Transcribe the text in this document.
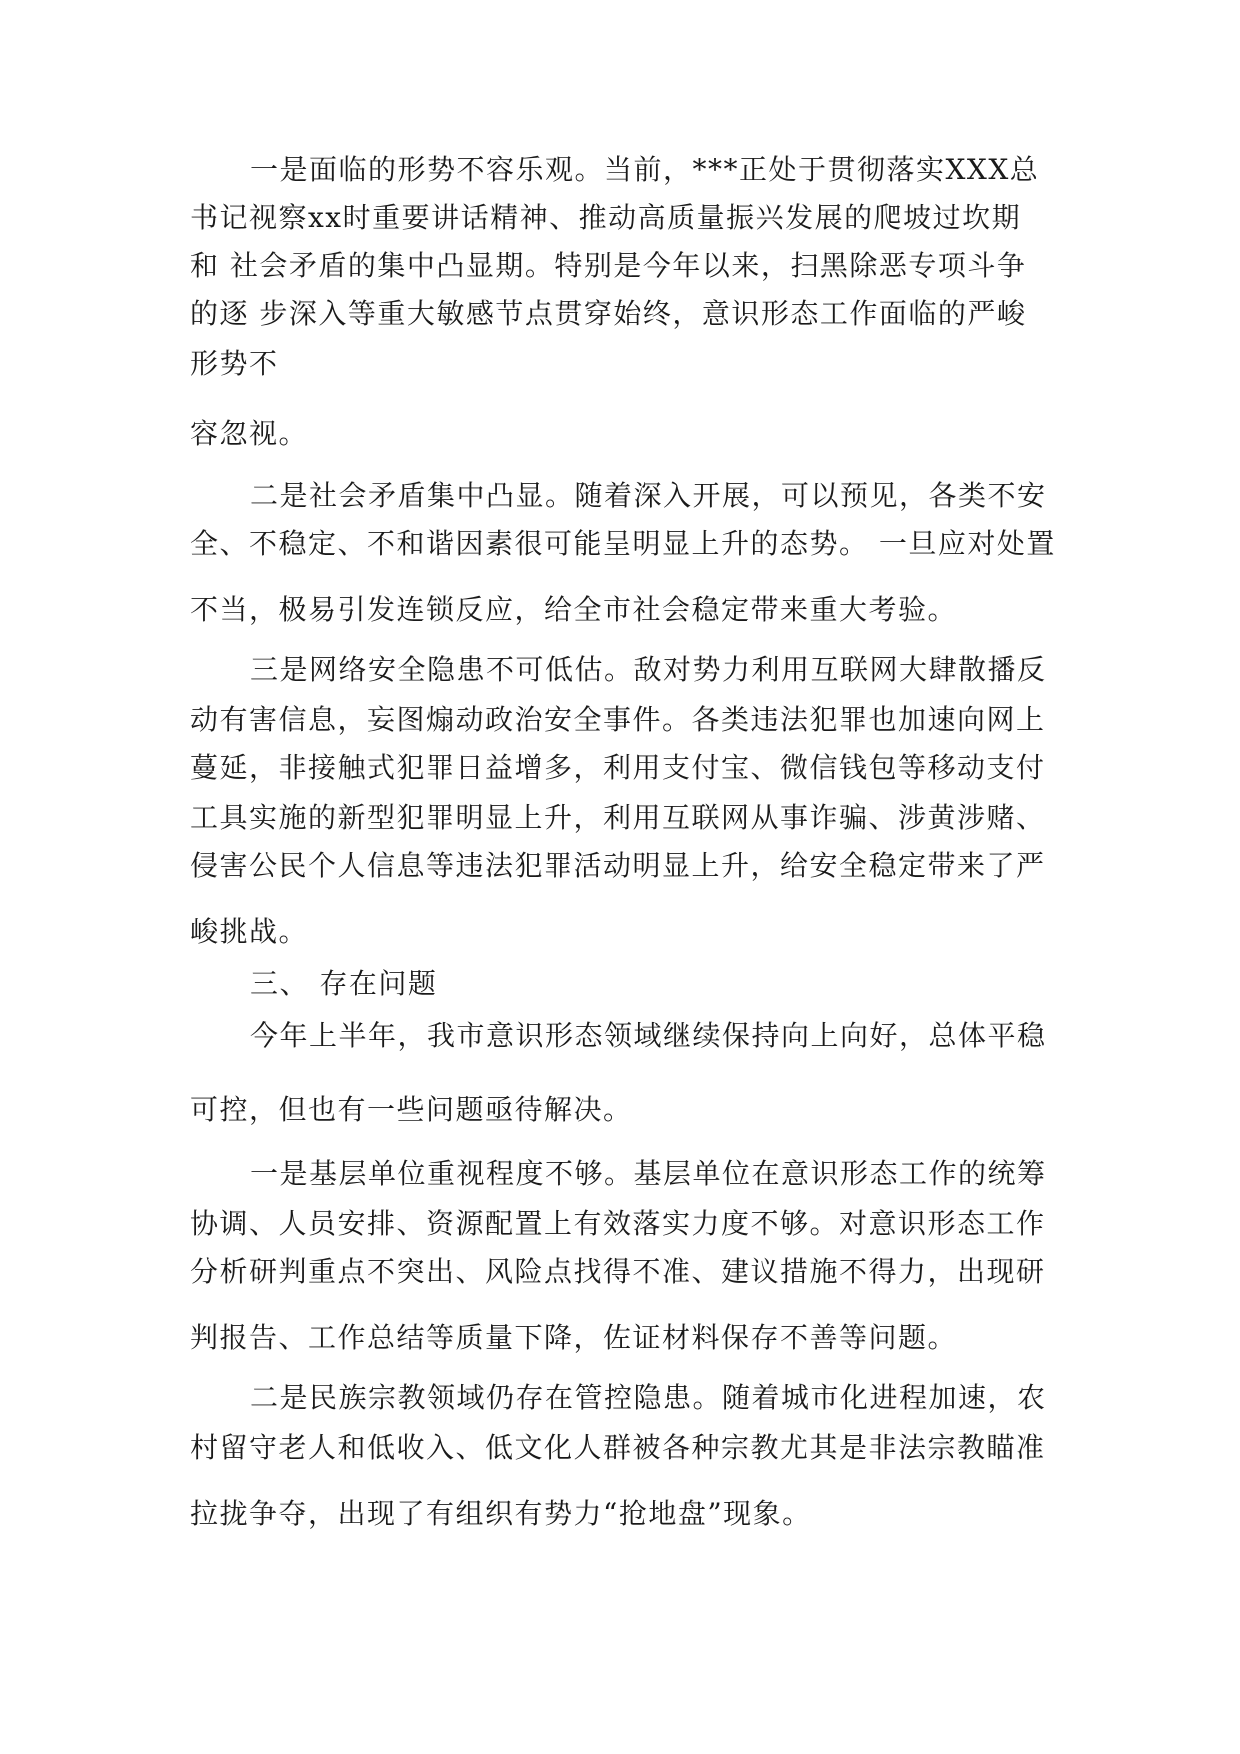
一是面临的形势不容乐观。当前，***正处于贯彻落实XXX总
书记视察xx时重要讲话精神、推动高质量振兴发展的爬坡过坎期
和 社会矛盾的集中凸显期。特别是今年以来，扫黑除恶专项斗争
的逐 步深入等重大敏感节点贯穿始终，意识形态工作面临的严峻
形势不
容忽视。
二是社会矛盾集中凸显。随着深入开展，可以预见，各类不安
全、不稳定、不和谐因素很可能呈明显上升的态势。 一旦应对处置
不当，极易引发连锁反应，给全市社会稳定带来重大考验。
三是网络安全隐患不可低估。敌对势力利用互联网大肆散播反
动有害信息，妄图煽动政治安全事件。各类违法犯罪也加速向网上
蔓延，非接触式犯罪日益增多，利用支付宝、微信钱包等移动支付
工具实施的新型犯罪明显上升，利用互联网从事诈骗、涉黄涉赌、
侵害公民个人信息等违法犯罪活动明显上升，给安全稳定带来了严
峻挑战。
三、 存在问题
今年上半年，我市意识形态领域继续保持向上向好，总体平稳
可控，但也有一些问题亟待解决。
一是基层单位重视程度不够。基层单位在意识形态工作的统筹
协调、人员安排、资源配置上有效落实力度不够。对意识形态工作
分析研判重点不突出、风险点找得不准、建议措施不得力，出现研
判报告、工作总结等质量下降，佐证材料保存不善等问题。
二是民族宗教领域仍存在管控隐患。随着城市化进程加速，农
村留守老人和低收入、低文化人群被各种宗教尤其是非法宗教瞄准
拉拢争夺，出现了有组织有势力“抢地盘”现象。
